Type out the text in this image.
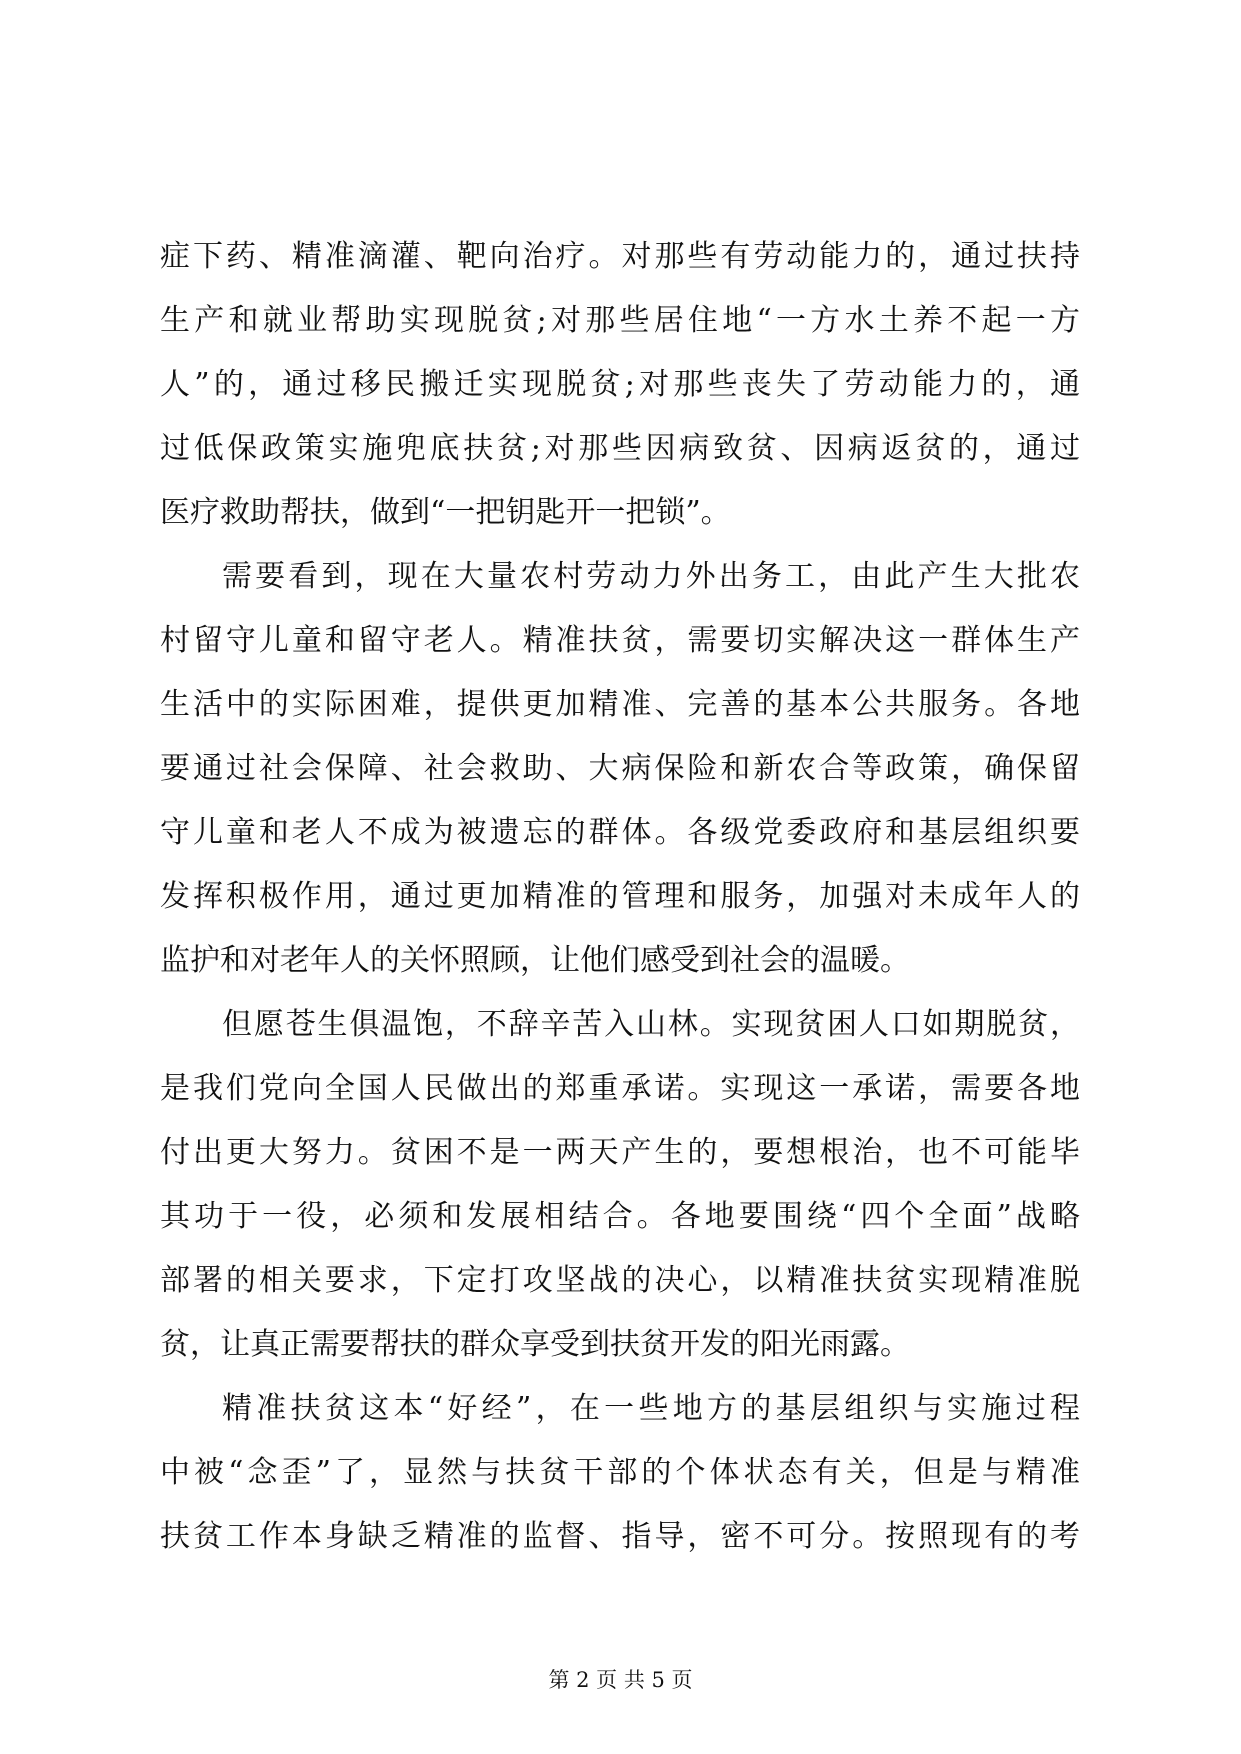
症下药、精准滴灌、靶向治疗。对那些有劳动能力的，通过扶持
生产和就业帮助实现脱贫;对那些居住地“一方水土养不起一方
人”的，通过移民搬迁实现脱贫;对那些丧失了劳动能力的，通
过低保政策实施兜底扶贫;对那些因病致贫、因病返贫的，通过
医疗救助帮扶，做到“一把钥匙开一把锁”。
需要看到，现在大量农村劳动力外出务工，由此产生大批农
村留守儿童和留守老人。精准扶贫，需要切实解决这一群体生产
生活中的实际困难，提供更加精准、完善的基本公共服务。各地
要通过社会保障、社会救助、大病保险和新农合等政策，确保留
守儿童和老人不成为被遗忘的群体。各级党委政府和基层组织要
发挥积极作用，通过更加精准的管理和服务，加强对未成年人的
监护和对老年人的关怀照顾，让他们感受到社会的温暖。
但愿苍生俱温饱，不辞辛苦入山林。实现贫困人口如期脱贫，
是我们党向全国人民做出的郑重承诺。实现这一承诺，需要各地
付出更大努力。贫困不是一两天产生的，要想根治，也不可能毕
其功于一役，必须和发展相结合。各地要围绕“四个全面”战略
部署的相关要求，下定打攻坚战的决心，以精准扶贫实现精准脱
贫，让真正需要帮扶的群众享受到扶贫开发的阳光雨露。
精准扶贫这本“好经”，在一些地方的基层组织与实施过程
中被“念歪”了，显然与扶贫干部的个体状态有关，但是与精准
扶贫工作本身缺乏精准的监督、指导，密不可分。按照现有的考
第 2 页 共 5 页
